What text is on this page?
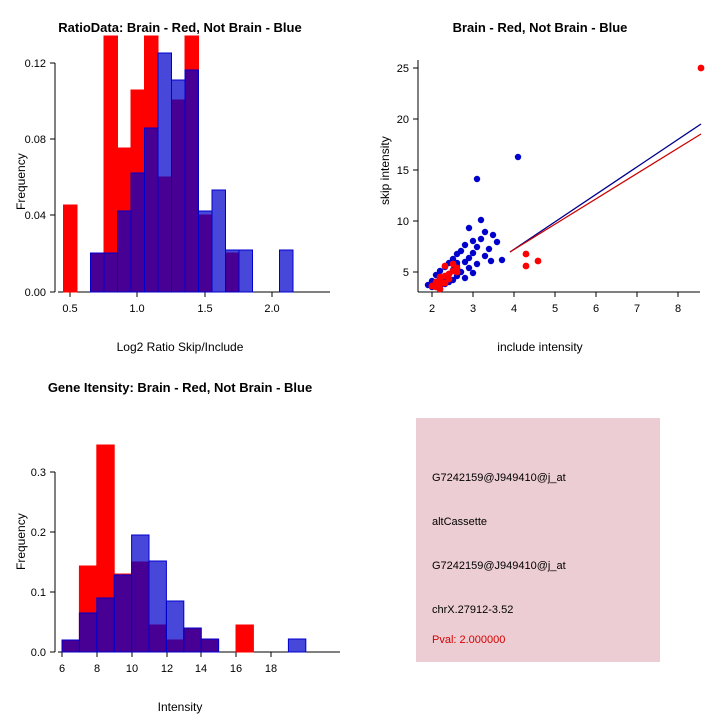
RatioData: Brain - Red, Not Brain - Blue
Frequency
Log2 Ratio Skip/Include
0.00
0.04
0.08
0.12
0.5	1.0	1.5	2.0
Brain - Red, Not Brain - Blue
skip intensity
include intensity
5
10
15
20
25
2	3	4	5	6	7	8
Gene Itensity: Brain - Red, Not Brain - Blue
Frequency
Intensity
0.0
0.1
0.2
0.3
6	8 10 12 14 16 18
G7242159@J949410@j_at
altCassette
G7242159@J949410@j_at
chrX.27912-3.52
Pval: 2.000000
